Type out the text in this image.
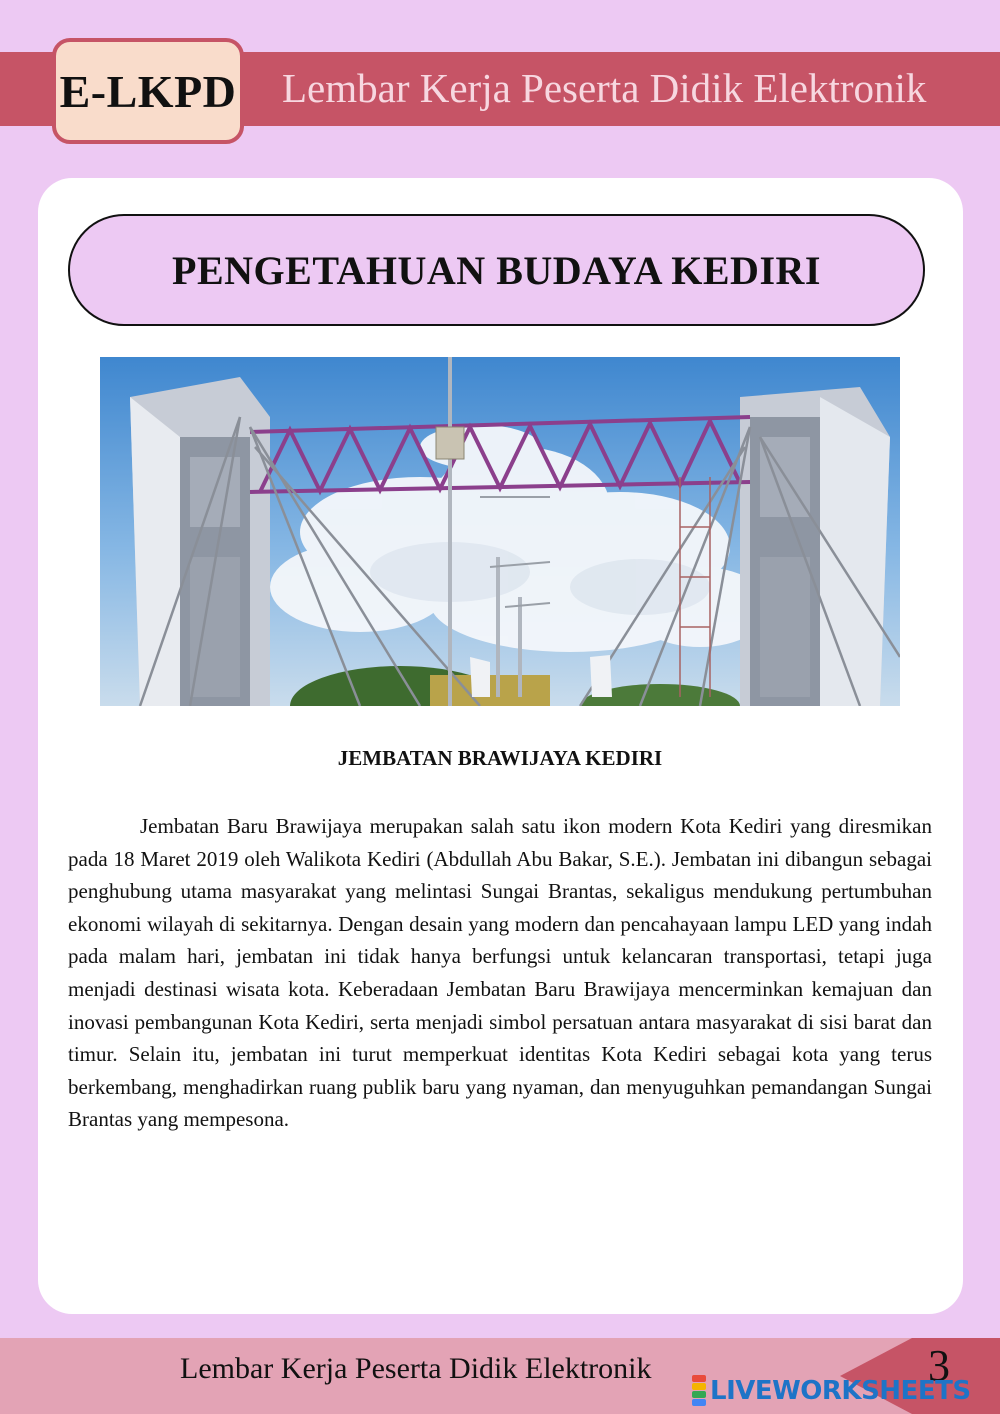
E-LKPD Lembar Kerja Peserta Didik Elektronik
PENGETAHUAN BUDAYA KEDIRI
JEMBATAN BRAWIJAYA KEDIRI

Jembatan Baru Brawijaya merupakan salah satu ikon modern Kota Kediri yang diresmikan pada 18 Maret 2019 oleh Walikota Kediri (Abdullah Abu Bakar, S.E.). Jembatan ini dibangun sebagai penghubung utama masyarakat yang melintasi Sungai Brantas, sekaligus mendukung pertumbuhan ekonomi wilayah di sekitarnya. Dengan desain yang modern dan pencahayaan lampu LED yang indah pada malam hari, jembatan ini tidak hanya berfungsi untuk kelancaran transportasi, tetapi juga menjadi destinasi wisata kota. Keberadaan Jembatan Baru Brawijaya mencerminkan kemajuan dan inovasi pembangunan Kota Kediri, serta menjadi simbol persatuan antara masyarakat di sisi barat dan timur. Selain itu, jembatan ini turut memperkuat identitas Kota Kediri sebagai kota yang terus berkembang, menghadirkan ruang publik baru yang nyaman, dan menyuguhkan pemandangan Sungai Brantas yang mempesona.

Lembar Kerja Peserta Didik Elektronik	3
LIVEWORKSHEETS
